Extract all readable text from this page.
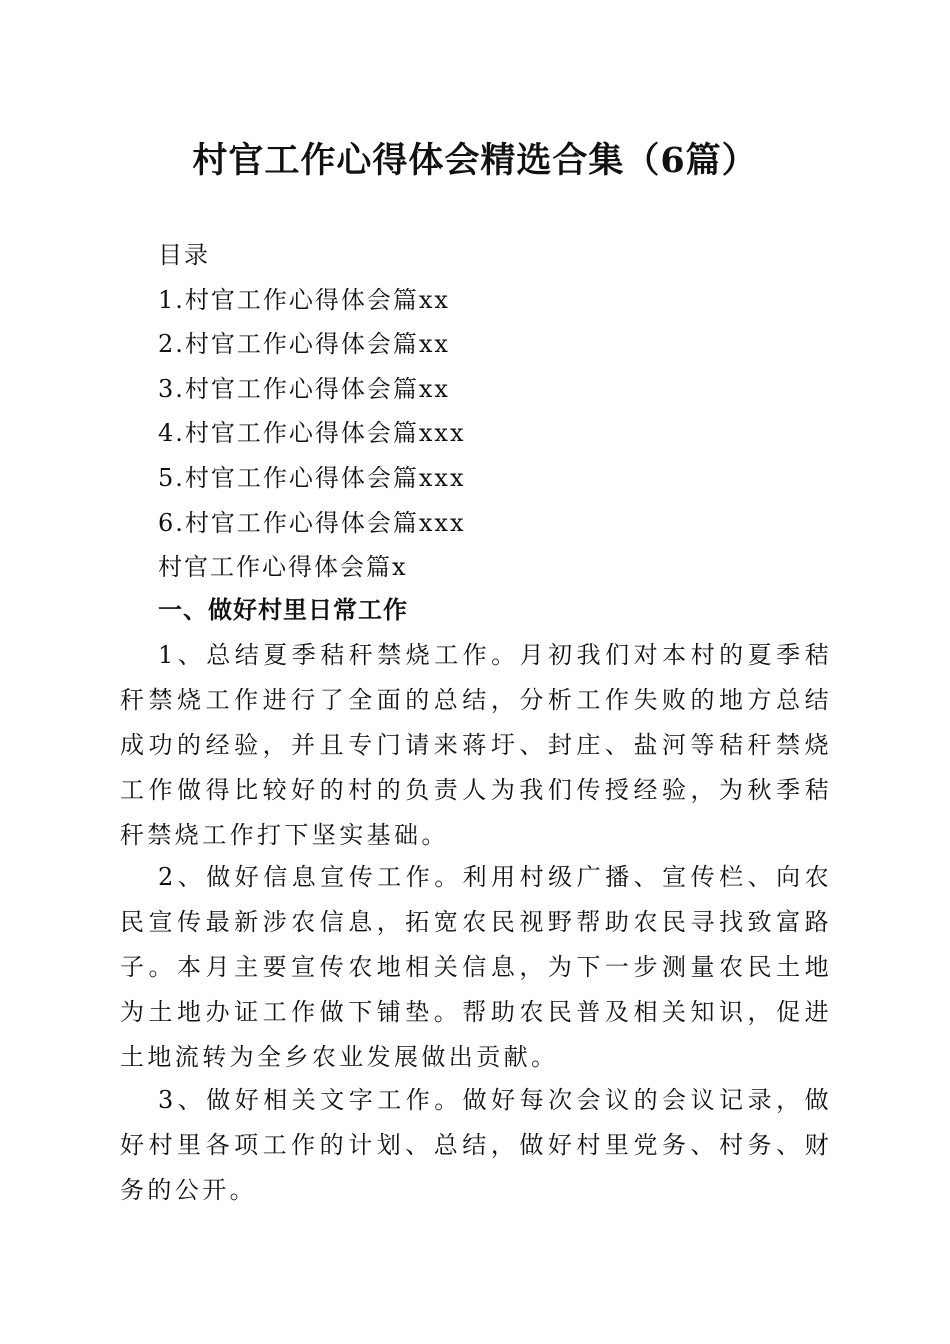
村官工作心得体会精选合集（6篇）
目录
1.村官工作心得体会篇xx
2.村官工作心得体会篇xx
3.村官工作心得体会篇xx
4.村官工作心得体会篇xxx
5.村官工作心得体会篇xxx
6.村官工作心得体会篇xxx
村官工作心得体会篇x
一、做好村里日常工作

1、总结夏季秸秆禁烧工作。月初我们对本村的夏季秸秆禁烧工作进行了全面的总结，分析工作失败的地方总结成功的经验，并且专门请来蒋圩、封庄、盐河等秸秆禁烧工作做得比较好的村的负责人为我们传授经验，为秋季秸秆禁烧工作打下坚实基础。

2、做好信息宣传工作。利用村级广播、宣传栏、向农民宣传最新涉农信息，拓宽农民视野帮助农民寻找致富路子。本月主要宣传农地相关信息，为下一步测量农民土地为土地办证工作做下铺垫。帮助农民普及相关知识，促进土地流转为全乡农业发展做出贡献。

3、做好相关文字工作。做好每次会议的会议记录，做好村里各项工作的计划、总结，做好村里党务、村务、财务的公开。
